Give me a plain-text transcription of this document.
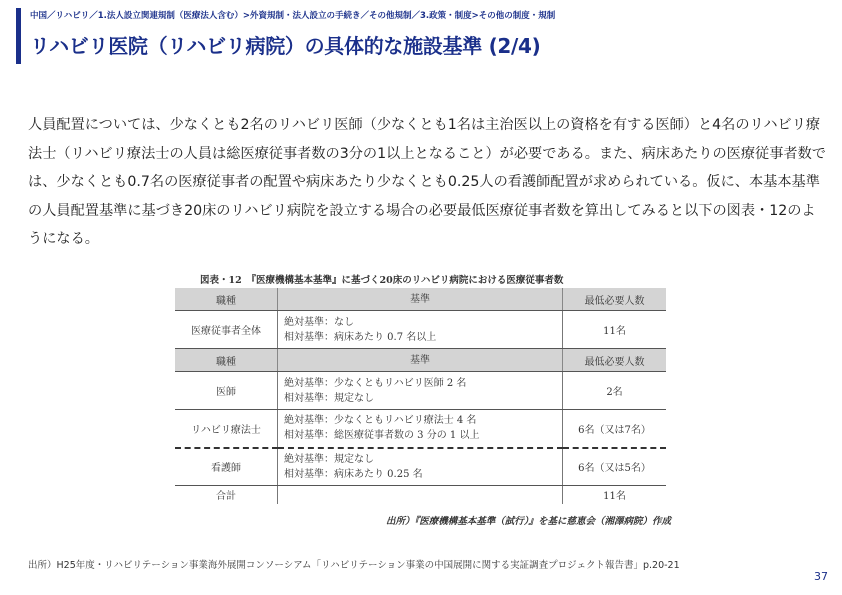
中国／リハビリ／1.法人設立関連規制（医療法人含む）>外資規制・法人設立の手続き／その他規制／3.政策・制度>その他の制度・規制
リハビリ医院（リハビリ病院）の具体的な施設基準 (2/4)

人員配置については、少なくとも2名のリハビリ医師（少なくとも1名は主治医以上の資格を有する医師）と4名のリハビリ療法士（リハビリ療法士の人員は総医療従事者数の3分の1以上となること）が必要である。また、病床あたりの医療従事者数では、少なくとも0.7名の医療従事者の配置や病床あたり少なくとも0.25人の看護師配置が求められている。仮に、本基本基準の人員配置基準に基づき20床のリハビリ病院を設立する場合の必要最低医療従事者数を算出してみると以下の図表・12のようになる。

図表・12　『医療機構基本基準』に基づく20床のリハビリ病院における医療従事者数
職種	基準	最低必要人数
医療従事者全体	絶対基準：なし
相対基準：病床あたり 0.7 名以上	11名
職種	基準	最低必要人数
医師	絶対基準：少なくともリハビリ医師 2 名
相対基準：規定なし	2名
リハビリ療法士	絶対基準：少なくともリハビリ療法士 4 名
相対基準：総医療従事者数の 3 分の 1 以上	6名（又は7名）
看護師	絶対基準：規定なし
相対基準：病床あたり 0.25 名	6名（又は5名）
合計		11名
出所）『医療機構基本基準（試行）』を基に慈恵会（湘澤病院）作成
出所）H25年度・リハビリテーション事業海外展開コンソーシアム「リハビリテーション事業の中国展開に関する実証調査プロジェクト報告書」p.20-21
37
